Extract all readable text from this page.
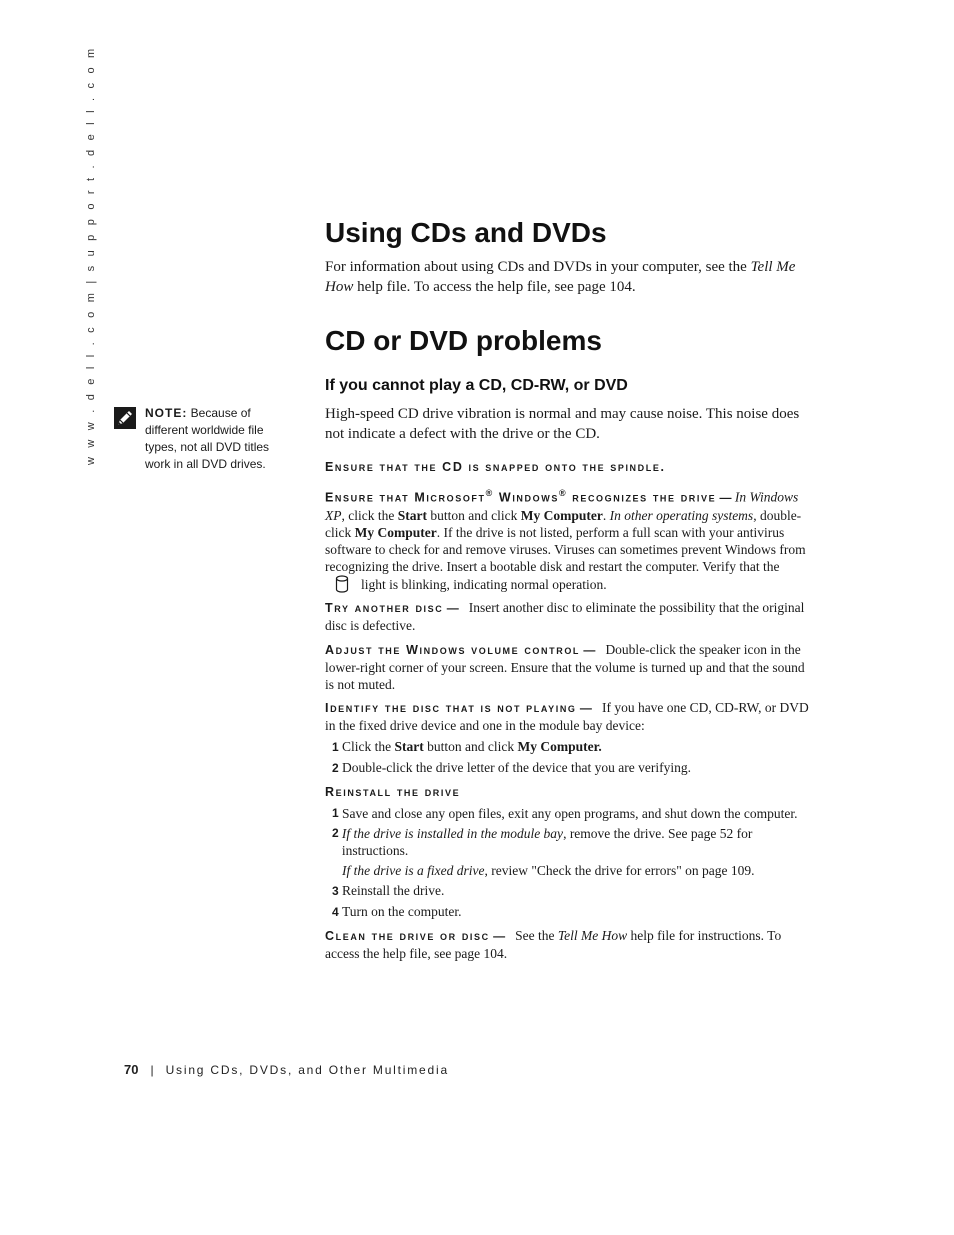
w w w . d e l l . c o m | s u p p o r t . d e l l . c o m	NOTE: Because of different worldwide file types, not all DVD titles work in all DVD drives.
Using CDs and DVDs

For information about using CDs and DVDs in your computer, see the Tell Me How help file. To access the help file, see page 104.

CD or DVD problems
If you cannot play a CD, CD-RW, or DVD

High-speed CD drive vibration is normal and may cause noise. This noise does not indicate a defect with the drive or the CD.

Ensure that the CD is snapped onto the spindle.

Ensure that Microsoft® Windows® recognizes the drive — In Windows XP, click the Start button and click My Computer. In other operating systems, double-click My Computer. If the drive is not listed, perform a full scan with your antivirus software to check for and remove viruses. Viruses can sometimes prevent Windows from recognizing the drive. Insert a bootable disk and restart the computer. Verify that thelight is blinking, indicating normal operation.

Try another disc —   Insert another disc to eliminate the possibility that the original disc is defective.

Adjust the Windows volume control —   Double-click the speaker icon in the lower-right corner of your screen. Ensure that the volume is turned up and that the sound is not muted.

Identify the disc that is not playing —   If you have one CD, CD-RW, or DVD in the fixed drive device and one in the module bay device:

1 Click the Start button and click My Computer.
2 Double-click the drive letter of the device that you are verifying.

Reinstall the drive

1 Save and close any open files, exit any open programs, and shut down the computer.
2 If the drive is installed in the module bay, remove the drive. See page 52 for instructions.
If the drive is a fixed drive, review "Check the drive for errors" on page 109.
3 Reinstall the drive.
4 Turn on the computer.

Clean the drive or disc —   See the Tell Me How help file for instructions. To access the help file, see page 104.

70 | Using CDs, DVDs, and Other Multimedia
